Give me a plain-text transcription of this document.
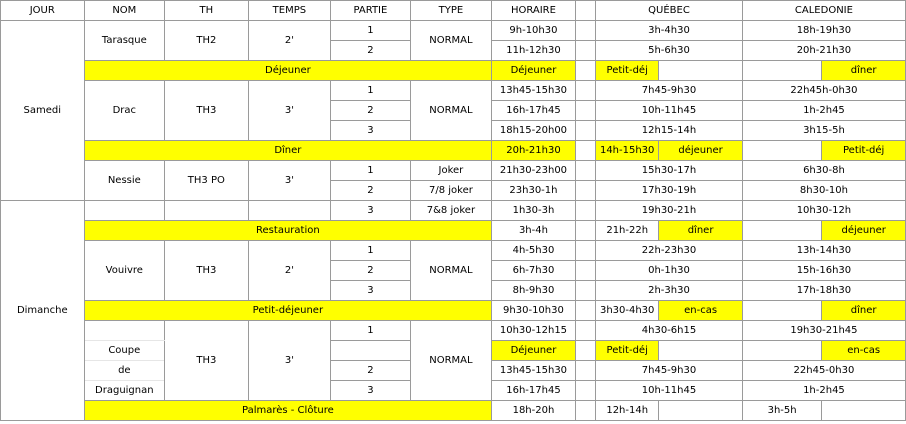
JOUR	NOM	TH	TEMPS	PARTIE	TYPE	HORAIRE		QUÉBEC		CALEDONIE	
Samedi	Tarasque	TH2	2'	1	NORMAL	9h-10h30		3h-4h30		18h-19h30	
				2		11h-12h30		5h-6h30		20h-21h30	
	Déjeuner					Déjeuner		Petit-déj			dîner
	Drac	TH3	3'	1	NORMAL	13h45-15h30		7h45-9h30		22h45h-0h30	
				2		16h-17h45		10h-11h45		1h-2h45	
				3		18h15-20h00		12h15-14h		3h15-5h	
	Dîner					20h-21h30		14h-15h30	déjeuner		Petit-déj
	Nessie	TH3 PO	3'	1	Joker	21h30-23h00		15h30-17h		6h30-8h	
				2	7/8 joker	23h30-1h		17h30-19h		8h30-10h	
Dimanche				3	7&8 joker	1h30-3h		19h30-21h		10h30-12h	
	Restauration					3h-4h		21h-22h	dîner		déjeuner
	Vouivre	TH3	2'	1	NORMAL	4h-5h30		22h-23h30		13h-14h30	
				2		6h-7h30		0h-1h30		15h-16h30	
				3		8h-9h30		2h-3h30		17h-18h30	
	Petit-déjeuner					9h30-10h30		3h30-4h30	en-cas		dîner
		TH3	3'	1	NORMAL	10h30-12h15		4h30-6h15		19h30-21h45	
	Coupe					Déjeuner		Petit-déj			en-cas
	de			2		13h45-15h30		7h45-9h30		22h45-0h30	
	Draguignan			3		16h-17h45		10h-11h45		1h-2h45	
	Palmarès - Clôture					18h-20h		12h-14h		3h-5h	
